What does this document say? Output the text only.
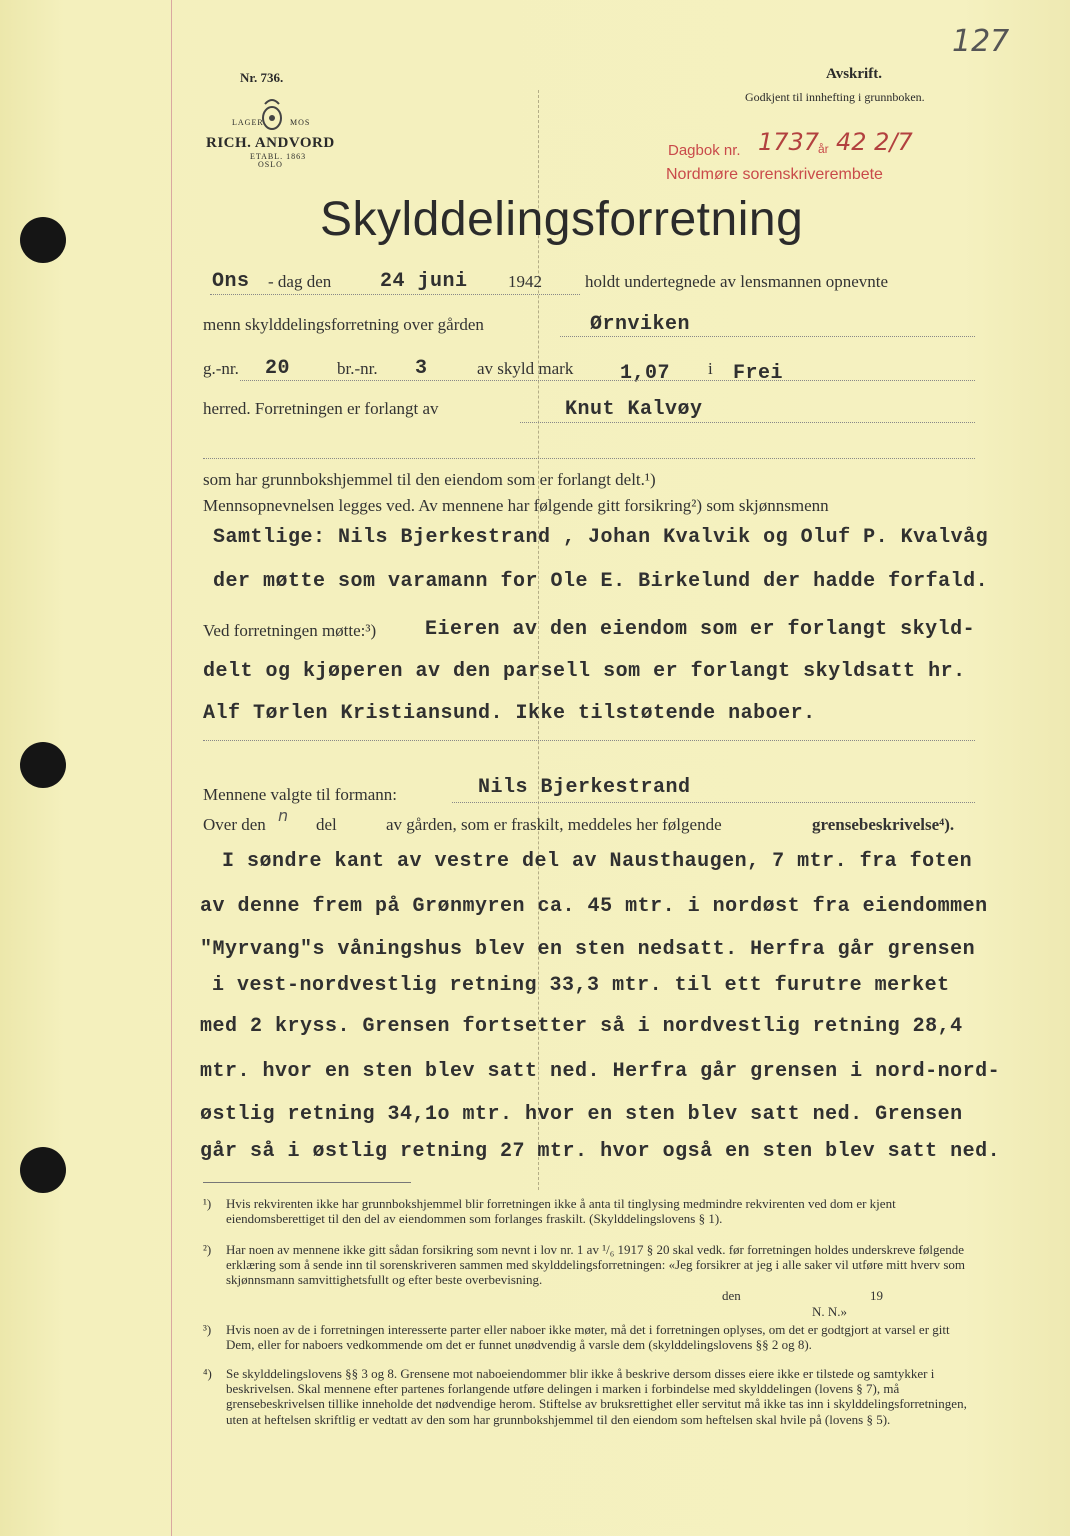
127
Nr. 736.
LAGER	MOS
RICH. ANDVORD
ETABL. 1863
OSLO
Avskrift.
Godkjent til innhefting i grunnboken.
Dagbok nr. 1737
år 42 2/7
Nordmøre sorenskriverembete
Skylddelingsforretning
Ons - dag den 24 juni 1942	holdt undertegnede av lensmannen opnevnte
menn skylddelingsforretning over gården	Ørnviken
g.-nr. 20	br.-nr. 3	av skyld mark 1,07 i Frei
herred. Forretningen er forlangt av	Knut Kalvøy
som har grunnbokshjemmel til den eiendom som er forlangt delt.¹)
Mennsopnevnelsen legges ved. Av mennene har følgende gitt forsikring²) som skjønnsmenn
Samtlige: Nils Bjerkestrand , Johan Kvalvik og Oluf P. Kvalvåg
der møtte som varamann for Ole E. Birkelund der hadde forfald.
Ved forretningen møtte:³) Eieren av den eiendom som er forlangt skyld-
delt og kjøperen av den parsell som er forlangt skyldsatt hr.
Alf Tørlen Kristiansund. Ikke tilstøtende naboer.
Mennene valgte til formann:	Nils Bjerkestrand
Over den n del	av gården, som er fraskilt, meddeles her følgende	grensebeskrivelse⁴).
I søndre kant av vestre del av Nausthaugen, 7 mtr. fra foten
av denne frem på Grønmyren ca. 45 mtr. i nordøst fra eiendommen
"Myrvang"s våningshus blev en sten nedsatt. Herfra går grensen
i vest-nordvestlig retning 33,3 mtr. til ett furutre merket
med 2 kryss. Grensen fortsetter så i nordvestlig retning 28,4
mtr. hvor en sten blev satt ned. Herfra går grensen i nord-nord-
østlig retning 34,1o mtr. hvor en sten blev satt ned. Grensen
går så i østlig retning 27 mtr. hvor også en sten blev satt ned.
¹)	Hvis rekvirenten ikke har grunnbokshjemmel blir forretningen ikke å anta til tinglysing medmindre rekvirenten ved dom er kjent eiendomsberettiget til den del av eiendommen som forlanges fraskilt. (Skylddelingslovens § 1).
²)	Har noen av mennene ikke gitt sådan forsikring som nevnt i lov nr. 1 av ¹/₆ 1917 § 20 skal vedk. før forretningen holdes underskreve følgende erklæring som å sende inn til sorenskriveren sammen med skylddelingsforretningen: «Jeg forsikrer at jeg i alle saker vil utføre mitt hverv som skjønnsmann samvittighetsfullt og efter beste overbevisning.
den	19
N. N.»
³)	Hvis noen av de i forretningen interesserte parter eller naboer ikke møter, må det i forretningen oplyses, om det er godtgjort at varsel er gitt Dem, eller for naboers vedkommende om det er funnet unødvendig å varsle dem (skylddelingslovens §§ 2 og 8).
⁴)	Se skylddelingslovens §§ 3 og 8. Grensene mot naboeiendommer blir ikke å beskrive dersom disses eiere ikke er tilstede og samtykker i beskrivelsen. Skal mennene efter partenes forlangende utføre delingen i marken i forbindelse med skylddelingen (lovens § 7), må grensebeskrivelsen tillike inneholde det nødvendige herom. Stiftelse av bruksrettighet eller servitut må ikke tas inn i skylddelingsforretningen, uten at heftelsen skriftlig er vedtatt av den som har grunnbokshjemmel til den eiendom som heftelsen skal hvile på (lovens § 5).
